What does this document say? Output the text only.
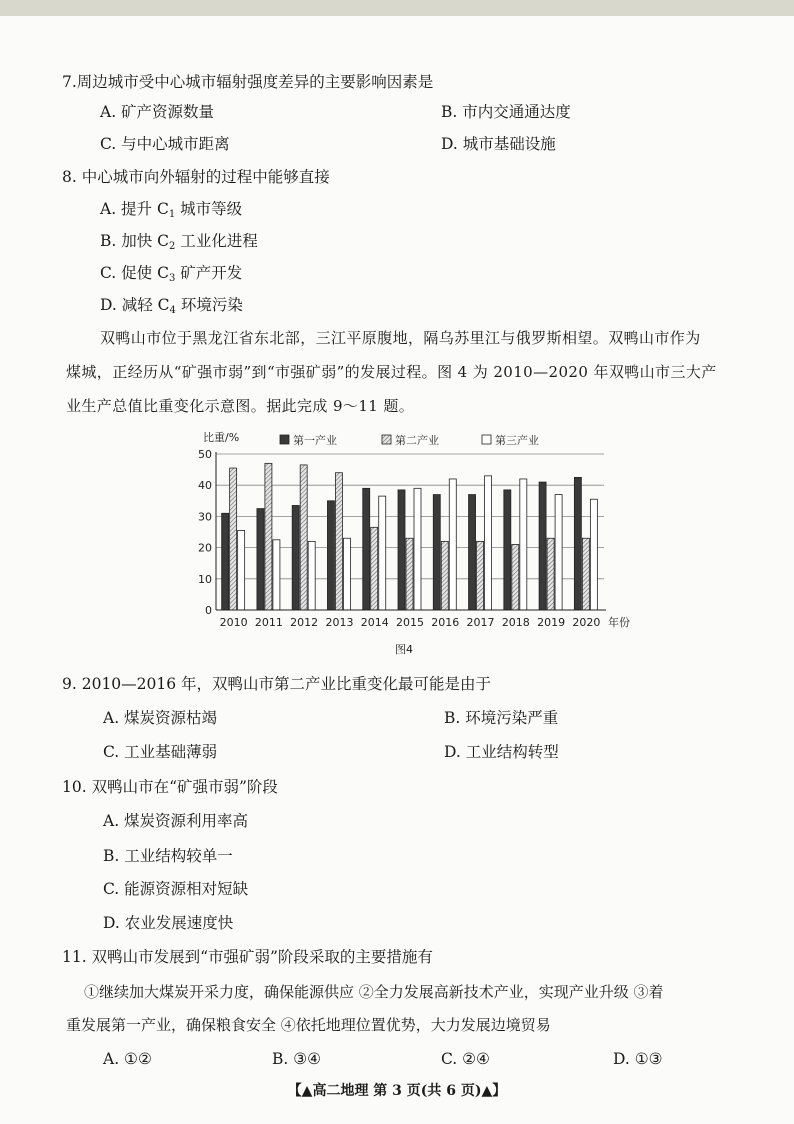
7.周边城市受中心城市辐射强度差异的主要影响因素是
A. 矿产资源数量	B. 市内交通通达度
C. 与中心城市距离	D. 城市基础设施
8. 中心城市向外辐射的过程中能够直接
A. 提升 $C_1$ 城市等级
B. 加快 $C_2$ 工业化进程
C. 促使 $C_3$ 矿产开发
D. 减轻 $C_4$ 环境污染
双鸭山市位于黑龙江省东北部，三江平原腹地，隔乌苏里江与俄罗斯相望。双鸭山市作为
煤城，正经历从“矿强市弱”到“市强矿弱”的发展过程。图 4 为 2010—2020 年双鸭山市三大产
业生产总值比重变化示意图。据此完成 9～11 题。
0
10
20
30
40
50
比重/%
2010 2011 2012 2013 2014 2015 2016 2017 2018 2019 2020 年份
第一产业	第二产业	第三产业
图4
9. 2010—2016 年，双鸭山市第二产业比重变化最可能是由于
A. 煤炭资源枯竭	B. 环境污染严重
C. 工业基础薄弱	D. 工业结构转型
10. 双鸭山市在“矿强市弱”阶段
A. 煤炭资源利用率高
B. 工业结构较单一
C. 能源资源相对短缺
D. 农业发展速度快
11. 双鸭山市发展到“市强矿弱”阶段采取的主要措施有
①继续加大煤炭开采力度，确保能源供应 ②全力发展高新技术产业，实现产业升级 ③着
重发展第一产业，确保粮食安全 ④依托地理位置优势，大力发展边境贸易
A. ①②	B. ③④	C. ②④	D. ①③
【▲高二地理 第 3 页(共 6 页)▲】
